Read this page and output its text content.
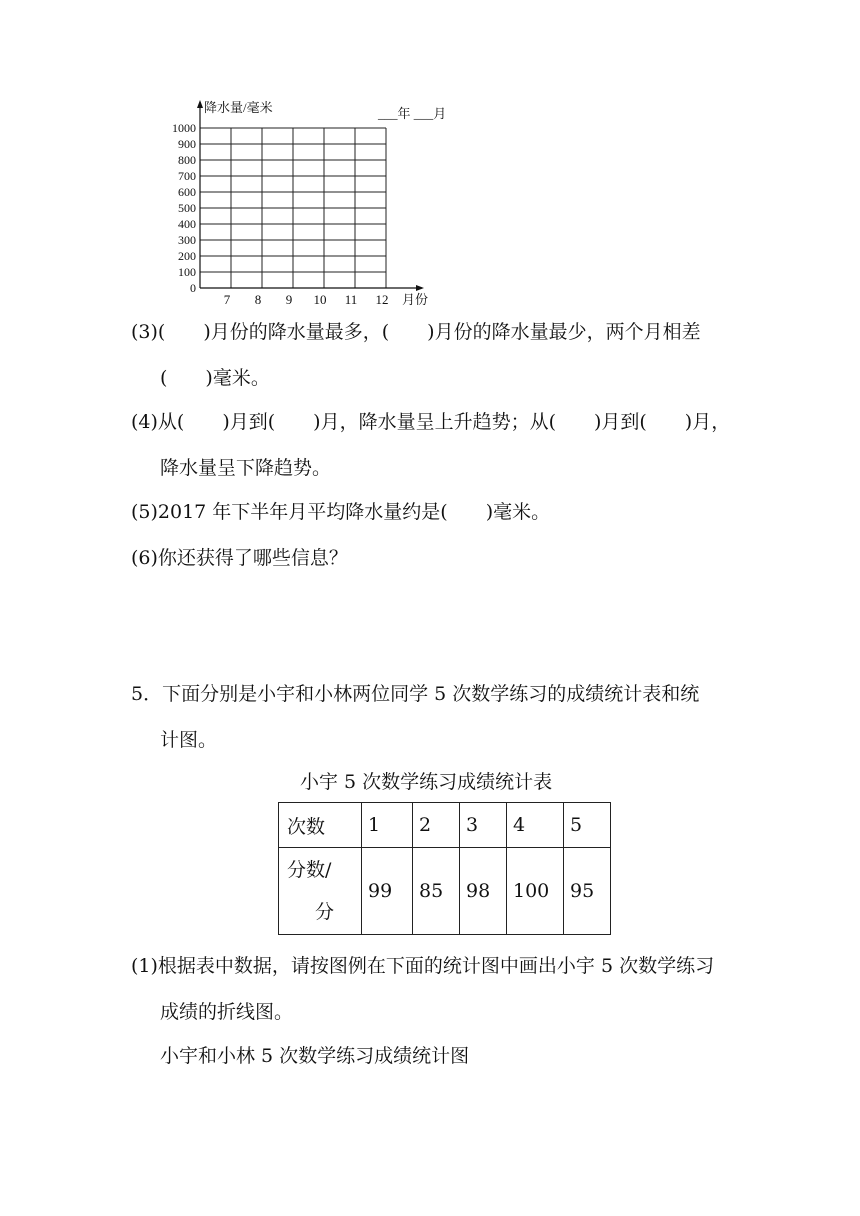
0
100
200
300
400
500
600
700
800
900
1000
7 8 9 10 11 12
降水量/毫米
月份
___年 ___月
(3)(　　)月份的降水量最多，(　　)月份的降水量最少，两个月相差
(　　)毫米。
(4)从(　　)月到(　　)月，降水量呈上升趋势；从(　　)月到(　　)月，
降水量呈下降趋势。
(5)2017 年下半年月平均降水量约是(　　)毫米。
(6)你还获得了哪些信息？
5．下面分别是小宇和小林两位同学 5 次数学练习的成绩统计表和统
计图。
小宇 5 次数学练习成绩统计表
次数	1	2	3	4	5

分数/
分	99	85	98	100	95
(1)根据表中数据，请按图例在下面的统计图中画出小宇 5 次数学练习
成绩的折线图。
小宇和小林 5 次数学练习成绩统计图
